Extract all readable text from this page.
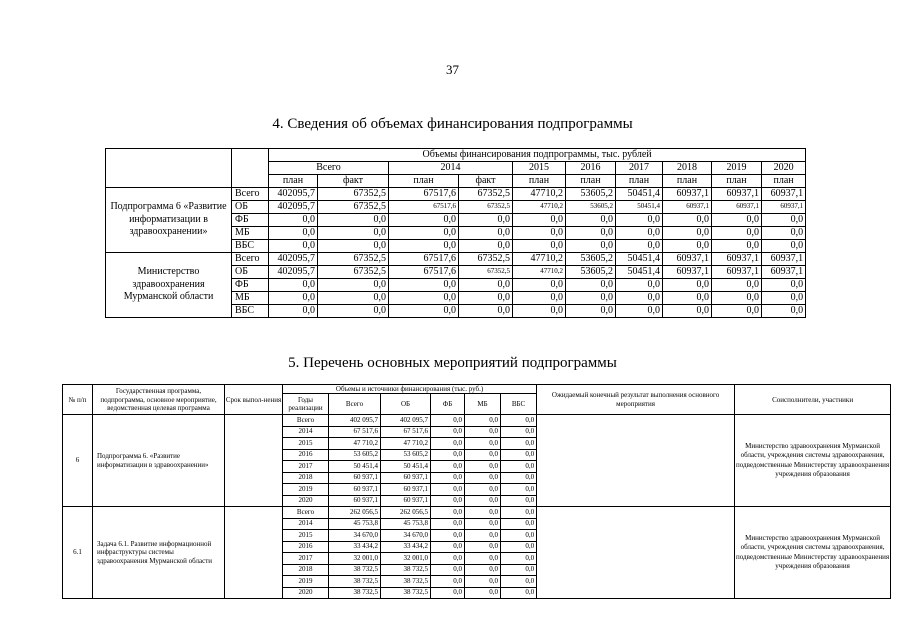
37
4. Сведения об объемах финансирования подпрограммы
		Объемы финансирования подпрограммы, тыс. рублей									
		Всего		2014		2015	2016	2017	2018	2019	2020
		план	факт	план	факт	план	план	план	план	план	план
Подпрограмма 6 «Развитие информатизации в здравоохранении»	Всего	402095,7	67352,5	67517,6	67352,5	47710,2	53605,2	50451,4	60937,1	60937,1	60937,1
	ОБ	402095,7	67352,5	67517,6	67352,5	47710,2	53605,2	50451,4	60937,1	60937,1	60937,1
	ФБ	0,0	0,0	0,0	0,0	0,0	0,0	0,0	0,0	0,0	0,0
	МБ	0,0	0,0	0,0	0,0	0,0	0,0	0,0	0,0	0,0	0,0
	ВБС	0,0	0,0	0,0	0,0	0,0	0,0	0,0	0,0	0,0	0,0
Министерство здравоохранения Мурманской области	Всего	402095,7	67352,5	67517,6	67352,5	47710,2	53605,2	50451,4	60937,1	60937,1	60937,1
	ОБ	402095,7	67352,5	67517,6	67352,5	47710,2	53605,2	50451,4	60937,1	60937,1	60937,1
	ФБ	0,0	0,0	0,0	0,0	0,0	0,0	0,0	0,0	0,0	0,0
	МБ	0,0	0,0	0,0	0,0	0,0	0,0	0,0	0,0	0,0	0,0
	ВБС	0,0	0,0	0,0	0,0	0,0	0,0	0,0	0,0	0,0	0,0
5. Перечень основных мероприятий подпрограммы
№ п/п	Государственная программа, подпрограмма, основное мероприятие, ведомственная целевая программа	Срок выпол-нения	Объемы и источники финансирования (тыс. руб.)						Ожидаемый конечный результат выполнения основного мероприятия	Соисполнители, участники
			Годы реализации	Всего	ОБ	ФБ	МБ	ВБС		
6	Подпрограмма 6. «Развитие информатизации в здравоохранении»		Всего	402 095,7	402 095,7	0,0	0,0	0,0		Министерство здравоохранения Мурманской области, учреждения системы здравоохранения, подведомственные Министерству здравоохранения учреждения образования
			2014	67 517,6	67 517,6	0,0	0,0	0,0		
			2015	47 710,2	47 710,2	0,0	0,0	0,0		
			2016	53 605,2	53 605,2	0,0	0,0	0,0		
			2017	50 451,4	50 451,4	0,0	0,0	0,0		
			2018	60 937,1	60 937,1	0,0	0,0	0,0		
			2019	60 937,1	60 937,1	0,0	0,0	0,0		
			2020	60 937,1	60 937,1	0,0	0,0	0,0		
6.1	Задача 6.1. Развитие информационной инфраструктуры системы здравоохранения Мурманской области		Всего	262 056,5	262 056,5	0,0	0,0	0,0		Министерство здравоохранения Мурманской области, учреждения системы здравоохранения, подведомственные Министерству здравоохранения учреждения образования
			2014	45 753,8	45 753,8	0,0	0,0	0,0		
			2015	34 670,0	34 670,0	0,0	0,0	0,0		
			2016	33 434,2	33 434,2	0,0	0,0	0,0		
			2017	32 001,0	32 001,0	0,0	0,0	0,0		
			2018	38 732,5	38 732,5	0,0	0,0	0,0		
			2019	38 732,5	38 732,5	0,0	0,0	0,0		
			2020	38 732,5	38 732,5	0,0	0,0	0,0		
